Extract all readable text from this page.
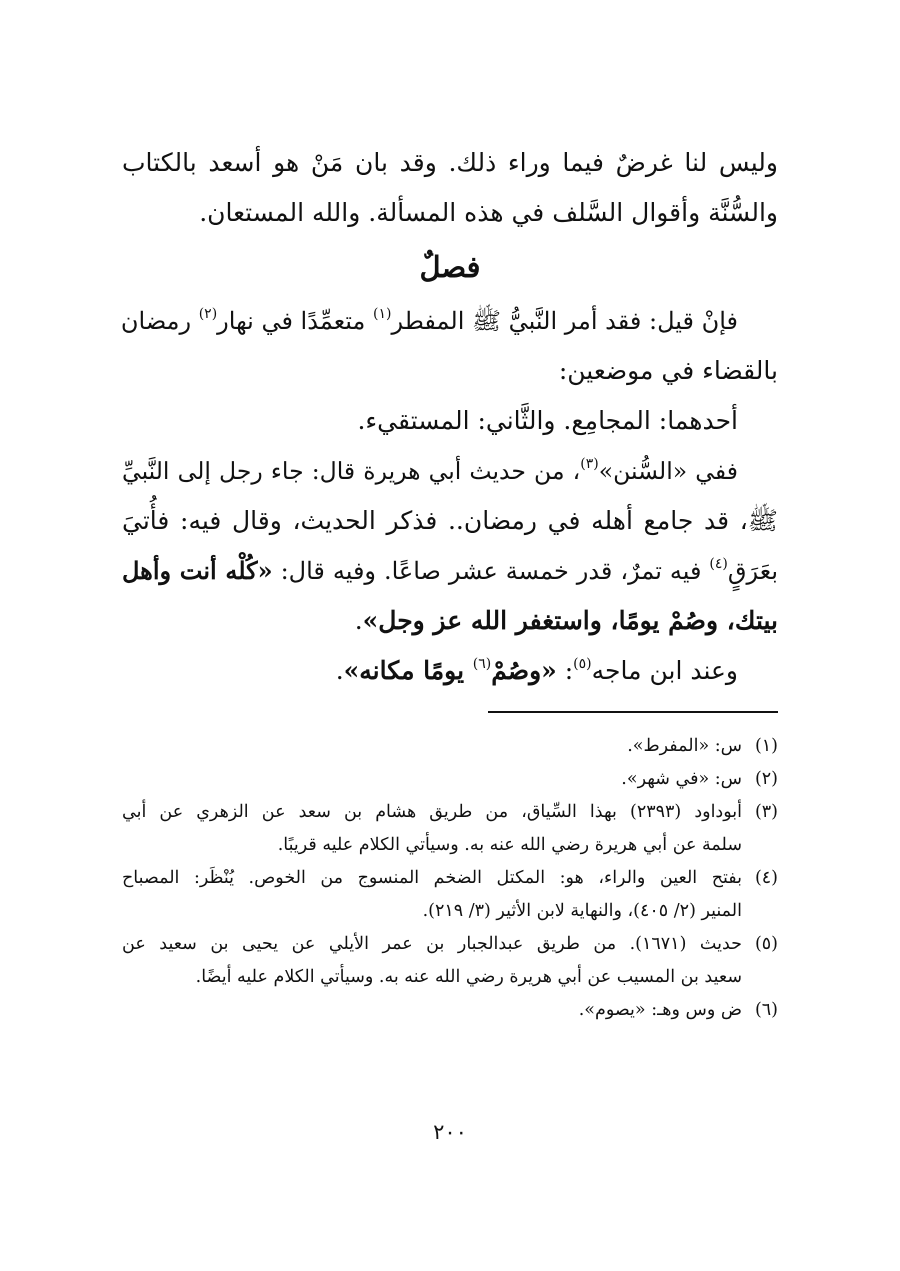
وليس لنا غرضٌ فيما وراء ذلك. وقد بان مَنْ هو أسعد بالكتاب
والسُّنَّة وأقوال السَّلف في هذه المسألة. والله المستعان.
فصلٌ
فإنْ قيل: فقد أمر النَّبيُّ ﷺ المفطر$^{(١)}$ متعمِّدًا في نهار$^{(٢)}$ رمضان
بالقضاء في موضعين:
أحدهما: المجامِع. والثَّاني: المستقيء.
ففي «السُّنن»$^{(٣)}$، من حديث أبي هريرة قال: جاء رجل إلى النَّبيِّ
ﷺ، قد جامع أهله في رمضان.. فذكر الحديث، وقال فيه: فأُتيَ
بعَرَقٍ$^{(٤)}$ فيه تمرٌ، قدر خمسة عشر صاعًا. وفيه قال: «كُلْه أنت وأهل
بيتك، وصُمْ يومًا، واستغفر الله عز وجل».
وعند ابن ماجه$^{(٥)}$: «وصُمْ$^{(٦)}$ يومًا مكانه».
(١)
س: «المفرط».
(٢)
س: «في شهر».
(٣)
أبوداود (٢٣٩٣) بهذا السِّياق، من طريق هشام بن سعد عن الزهري عن أبي
سلمة عن أبي هريرة رضي الله عنه به. وسيأتي الكلام عليه قريبًا.
(٤)
بفتح العين والراء، هو: المكتل الضخم المنسوج من الخوص. يُنْظَر: المصباح
المنير (٢/ ٤٠٥)، والنهاية لابن الأثير (٣/ ٢١٩).
(٥)
حديث (١٦٧١). من طريق عبدالجبار بن عمر الأيلي عن يحيى بن سعيد عن
سعيد بن المسيب عن أبي هريرة رضي الله عنه به. وسيأتي الكلام عليه أيضًا.
(٦)
ض وس وهـ: «يصوم».
٢٠٠
